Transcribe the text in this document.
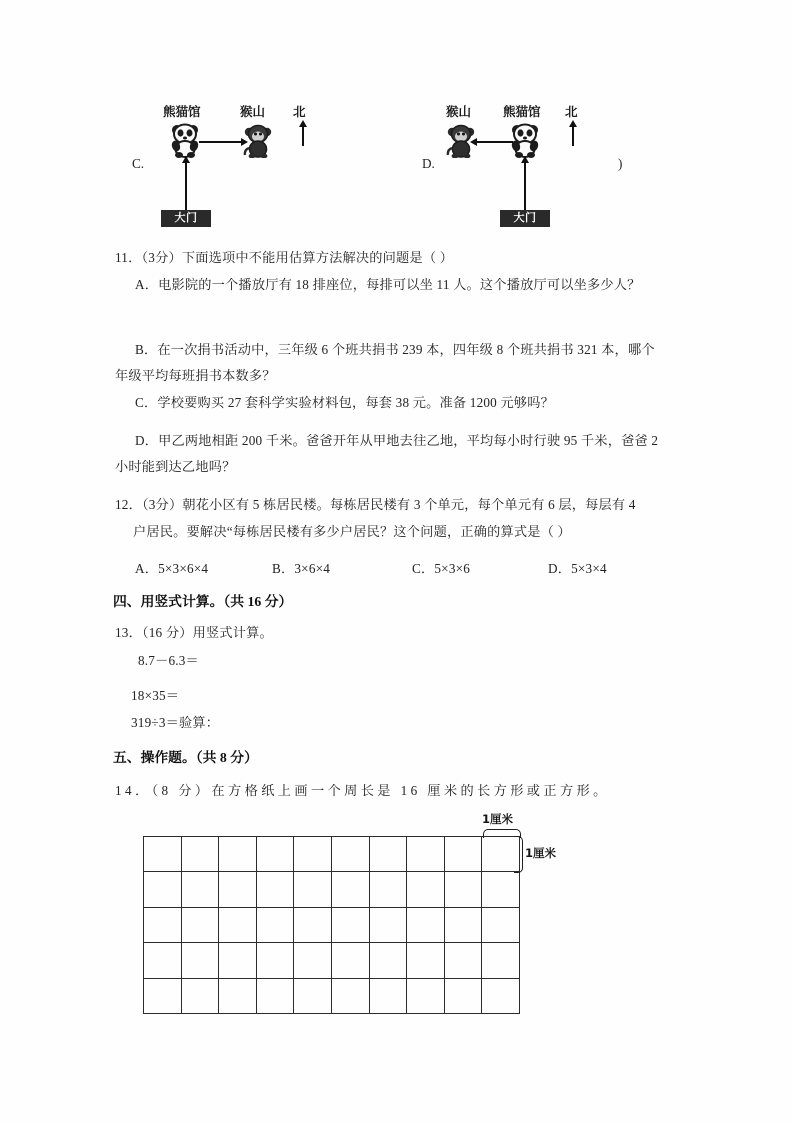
C.
熊猫馆	猴山 北
大门
D.
猴山	熊猫馆 北
大门
)
11．（3分）下面选项中不能用估算方法解决的问题是（ ）
A．电影院的一个播放厅有 18 排座位，每排可以坐 11 人。这个播放厅可以坐多少人？
B．在一次捐书活动中，三年级 6 个班共捐书 239 本，四年级 8 个班共捐书 321 本，哪个
年级平均每班捐书本数多？
C．学校要购买 27 套科学实验材料包，每套 38 元。准备 1200 元够吗？
D．甲乙两地相距 200 千米。爸爸开年从甲地去往乙地，平均每小时行驶 95 千米，爸爸 2
小时能到达乙地吗？
12．（3分）朝花小区有 5 栋居民楼。每栋居民楼有 3 个单元，每个单元有 6 层，每层有 4
户居民。要解决“每栋居民楼有多少户居民？这个问题，正确的算式是（ ）
A．5×3×6×4	B．3×6×4	C．5×3×6	D．5×3×4
四、用竖式计算。（共 16 分）
13．（16 分）用竖式计算。
8.7－6.3＝
18×35＝
319÷3＝验算：
五、操作题。（共 8 分）
14．（8 分）在方格纸上画一个周长是 16 厘米的长方形或正方形。
1厘米
1厘米
